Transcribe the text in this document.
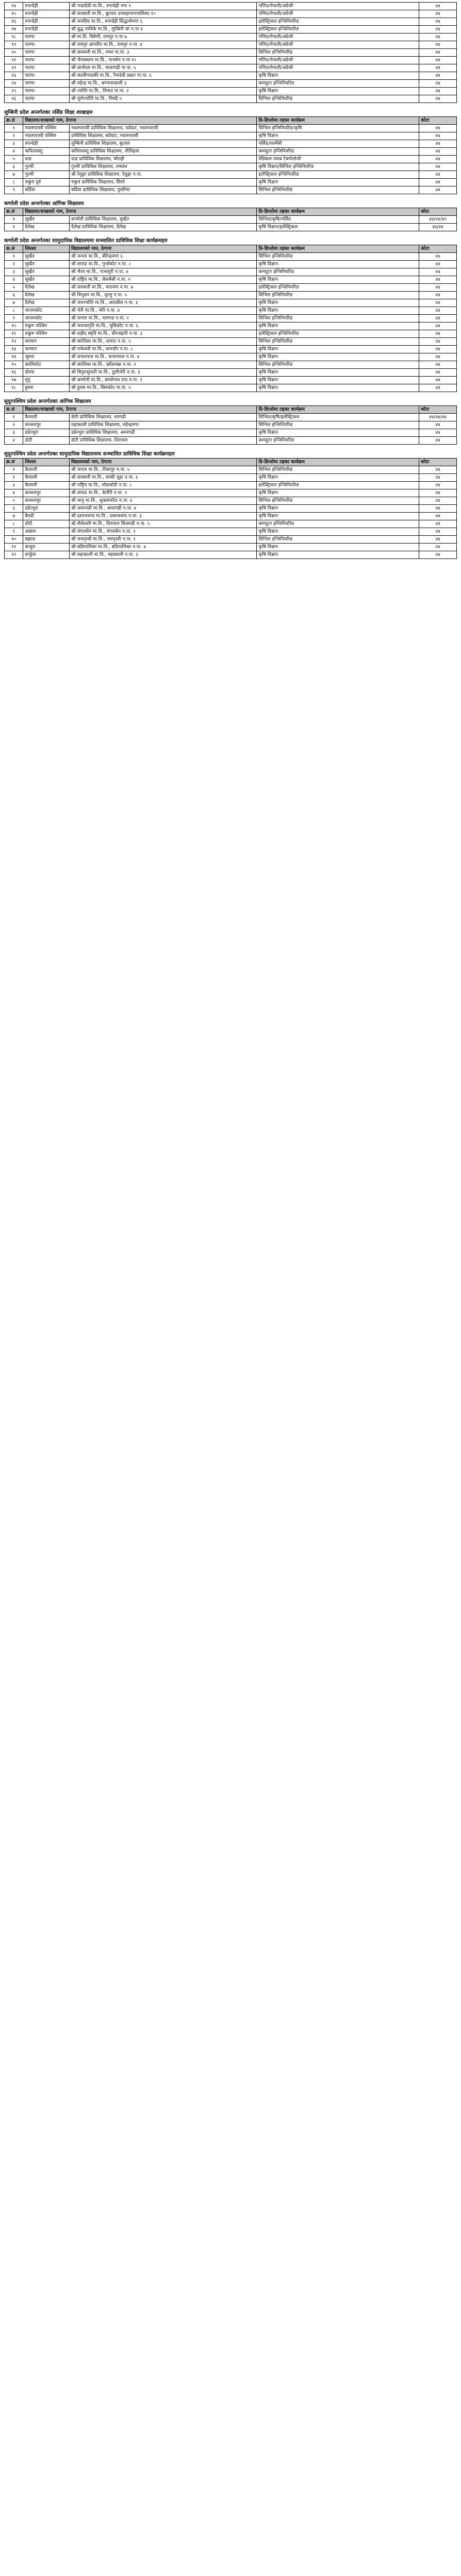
१४	रुपन्देही	श्री नन्दादेवी मा.वि., रुपन्देही नपा ९	गणित/नेपाली/अंग्रेजी	४४
१५	रुपन्देही	श्री सरस्वती मा.वि., बुटवल उपमहानगरपालिका १०	गणित/नेपाली/अंग्रेजी	४४
१६	रुपन्देही	श्री जनप्रिय मा.वि., रुपन्देही सिद्धार्थनगर ६	इलेक्ट्रिकल इन्जिनियरिङ	४४
१७	रुपन्देही	श्री बुद्ध माविके मा.वि., लुम्बिनी सां न.पा ४	इलेक्ट्रिकल इन्जिनियरिङ	४४
१८	पाल्पा	श्री मा.वि. त्रिवेणी, रामपुर न.पा ७	गणित/नेपाली/अंग्रेजी	४४
१९	पाल्पा	श्री रामपुर ज्ञानदीप मा.वि., रामपुर न.पा. ४	गणित/नेपाली/अंग्रेजी	४४
२०	पाल्पा	श्री सरस्वती मा.वि., रम्भा गा.पा. ३	सिभिल इन्जिनियरिङ	४४
२१	पाल्पा	श्री भैरवस्थान मा.वि., तानसेन न.पा १०	गणित/नेपाली/अंग्रेजी	४४
२२	पाल्पा	श्री ज्ञानोदय मा.वि., माथागढी गा.पा. ५	गणित/नेपाली/अंग्रेजी	४४
२३	पाल्पा	श्री कालीगण्डकी मा.वि., रैनादेवी छहरा गा.पा. ६	कृषि विज्ञान	४४
२४	पाल्पा	श्री महेन्द्र मा.वि., बगनासकाली ३	कम्प्युटर इन्जिनियरिङ	४४
२५	पाल्पा	श्री ज्योति मा.वि., तिनाउ गा.पा. २	कृषि विज्ञान	४४
२६	पाल्पा	श्री पूर्णज्योति मा.वि., निस्दी ५	सिभिल इन्जिनियरिङ	४४
लुम्बिनी प्रदेश अन्तर्गतका नर्सिङ शिक्षा शाखाहरु
क्र.सं	विद्यालय/शाखाको नाम, ठेगाना		प्रि-डिप्लोमा तहका कार्यक्रम	कोटा
१	नवलपरासी पश्चिम	नवलपरासी प्राविधिक शिक्षालय, वर्दघाट, नवलपरासी	सिभिल इन्जिनियरिङ/कृषि	४४
२	नवलपरासी पश्चिम	प्राविधिक शिक्षालय, बर्दघाट, नवलपरासी	कृषि विज्ञान	४४
३	रुपन्देही	लुम्बिनी प्राविधिक शिक्षालय, बुटवल	नर्सिङ/फार्मेसी	४४
४	कपिलवस्तु	कपिलवस्तु प्राविधिक शिक्षालय, तौलिहवा	कम्प्युटर इन्जिनियरिङ	४४
५	दाङ	दाङ प्राविधिक शिक्षालय, घोराही	मेडिकल ल्याब टेक्नोलोजी	४४
६	गुल्मी	गुल्मी प्राविधिक शिक्षालय, तम्घास	कृषि विज्ञान/सिभिल इन्जिनियरिङ	४४
७	गुल्मी	श्री रेसुङ्गा प्राविधिक शिक्षालय, रेसुङ्गा न.पा.	इलेक्ट्रिकल इन्जिनियरिङ	४४
८	रुकुम पूर्व	रुकुम प्राविधिक शिक्षालय, सिस्ने	कृषि विज्ञान	४४
९	बर्दिया	बर्दिया प्राविधिक शिक्षालय, गुलरिया	सिभिल इन्जिनियरिङ	४४
कर्णाली प्रदेश अन्तर्गतका आंगिक शिक्षालय
क्र.सं	विद्यालय/शाखाको नाम, ठेगाना		प्रि-डिप्लोमा तहका कार्यक्रम	कोटा
१	सुर्खेत	कर्णाली प्राविधिक शिक्षालय, सुर्खेत	सिभिल/कृषि/नर्सिङ	४४/४४/४०
२	दैलेख	दैलेख प्राविधिक शिक्षालय, दैलेख	कृषि विज्ञान/इलेक्ट्रिकल	४४/४४
कर्णाली प्रदेश अन्तर्गतका सामुदायिक विद्यालयमा सञ्चालित प्राविधिक शिक्षा कार्यक्रमहरु
क्र.सं	जिल्ला	विद्यालयको नाम, ठेगाना	प्रि-डिप्लोमा तहका कार्यक्रम	कोटा
१	सुर्खेत	श्री जनता मा.वि., बीरेन्द्रनगर ६	सिभिल इन्जिनियरिङ	४४
२	सुर्खेत	श्री शारदा मा.वि., गुर्भाकोट न.पा. ८	कृषि विज्ञान	४४
३	सुर्खेत	श्री भैरव मा.वि., पञ्चपुरी न.पा. ४	कम्प्युटर इन्जिनियरिङ	४४
४	सुर्खेत	श्री राष्ट्रिय मा.वि., लेकबेंसी न.पा. २	कृषि विज्ञान	४४
५	दैलेख	श्री सरस्वती मा.वि., नारायण न.पा. ७	इलेक्ट्रिकल इन्जिनियरिङ	४४
६	दैलेख	श्री त्रिभुवन मा.वि., दुल्लु न.पा. ५	सिभिल इन्जिनियरिङ	४४
७	दैलेख	श्री जनज्योति मा.वि., आठबीस न.पा. ३	कृषि विज्ञान	४४
८	जाजरकोट	श्री भेरी मा.वि., भेरी न.पा. ४	कृषि विज्ञान	४४
९	जाजरकोट	श्री जनता मा.वि., नलगाड न.पा. २	सिभिल इन्जिनियरिङ	४४
१०	रुकुम पश्चिम	श्री जनजागृति मा.वि., मुसिकोट न.पा. ६	कृषि विज्ञान	४४
११	रुकुम पश्चिम	श्री शहीद स्मृति मा.वि., चौरजहारी न.पा. ३	इलेक्ट्रिकल इन्जिनियरिङ	४४
१२	सल्यान	श्री कालिका मा.वि., शारदा न.पा. ५	सिभिल इन्जिनियरिङ	४४
१३	सल्यान	श्री रामेश्वरी मा.वि., बागचौर न.पा. ८	कृषि विज्ञान	४४
१४	जुम्ला	श्री चन्दननाथ मा.वि., चन्दननाथ न.पा. ४	कृषि विज्ञान	४४
१५	कालिकोट	श्री कालिका मा.वि., खाँडाचक्र न.पा. २	सिभिल इन्जिनियरिङ	४४
१६	डोल्पा	श्री त्रिपुरासुन्दरी मा.वि., ठूलीभेरी न.पा. ३	कृषि विज्ञान	४४
१७	मुगु	श्री कर्णाली मा.वि., छायाँनाथ रारा न.पा. १	कृषि विज्ञान	४४
१८	हुम्ला	श्री हुम्ला मा.वि., सिमकोट गा.पा. ५	कृषि विज्ञान	४४
सुदूरपश्चिम प्रदेश अन्तर्गतका आंगिक शिक्षालय
क्र.सं	विद्यालय/शाखाको नाम, ठेगाना		प्रि-डिप्लोमा तहका कार्यक्रम	कोटा
१	कैलाली	सेती प्राविधिक शिक्षालय, धनगढी	सिभिल/कृषि/इलेक्ट्रिकल	४४/४४/४४
२	कञ्चनपुर	महाकाली प्राविधिक शिक्षालय, महेन्द्रनगर	सिभिल इन्जिनियरिङ	४४
३	डडेल्धुरा	डडेल्धुरा प्राविधिक शिक्षालय, अमरगढी	कृषि विज्ञान	४४
४	डोटी	डोटी प्राविधिक शिक्षालय, दिपायल	कम्प्युटर इन्जिनियरिङ	४४
सुदूरपश्चिम प्रदेश अन्तर्गतका सामुदायिक विद्यालयमा सञ्चालित प्राविधिक शिक्षा कार्यक्रमहरु
क्र.सं	जिल्ला	विद्यालयको नाम, ठेगाना	प्रि-डिप्लोमा तहका कार्यक्रम	कोटा
१	कैलाली	श्री जनता मा.वि., टीकापुर न.पा. ५	सिभिल इन्जिनियरिङ	४४
२	कैलाली	श्री सरस्वती मा.वि., लम्की चुहा न.पा. ३	कृषि विज्ञान	४४
३	कैलाली	श्री राष्ट्रिय मा.वि., घोडाघोडी न.पा. ८	इलेक्ट्रिकल इन्जिनियरिङ	४४
४	कञ्चनपुर	श्री शारदा मा.वि., बेलौरी न.पा. २	कृषि विज्ञान	४४
५	कञ्चनपुर	श्री भानु मा.वि., शुक्लाफाँटा न.पा. ६	सिभिल इन्जिनियरिङ	४४
६	डडेल्धुरा	श्री अमरगढी मा.वि., अमरगढी न.पा. ४	कृषि विज्ञान	४४
७	बैतडी	श्री दशरथचन्द मा.वि., दशरथचन्द न.पा. ३	कृषि विज्ञान	४४
८	डोटी	श्री शैलेश्वरी मा.वि., दिपायल सिलगढी न.पा. ५	कम्प्युटर इन्जिनियरिङ	४४
९	अछाम	श्री मंगलसेन मा.वि., मंगलसेन न.पा. २	कृषि विज्ञान	४४
१०	बझाङ	श्री जयपृथ्वी मा.वि., जयपृथ्वी न.पा. १	सिभिल इन्जिनियरिङ	४४
११	बाजुरा	श्री बडिमालिका मा.वि., बडिमालिका न.पा. ४	कृषि विज्ञान	४४
१२	दार्चुला	श्री महाकाली मा.वि., महाकाली न.पा. ३	कृषि विज्ञान	४४
